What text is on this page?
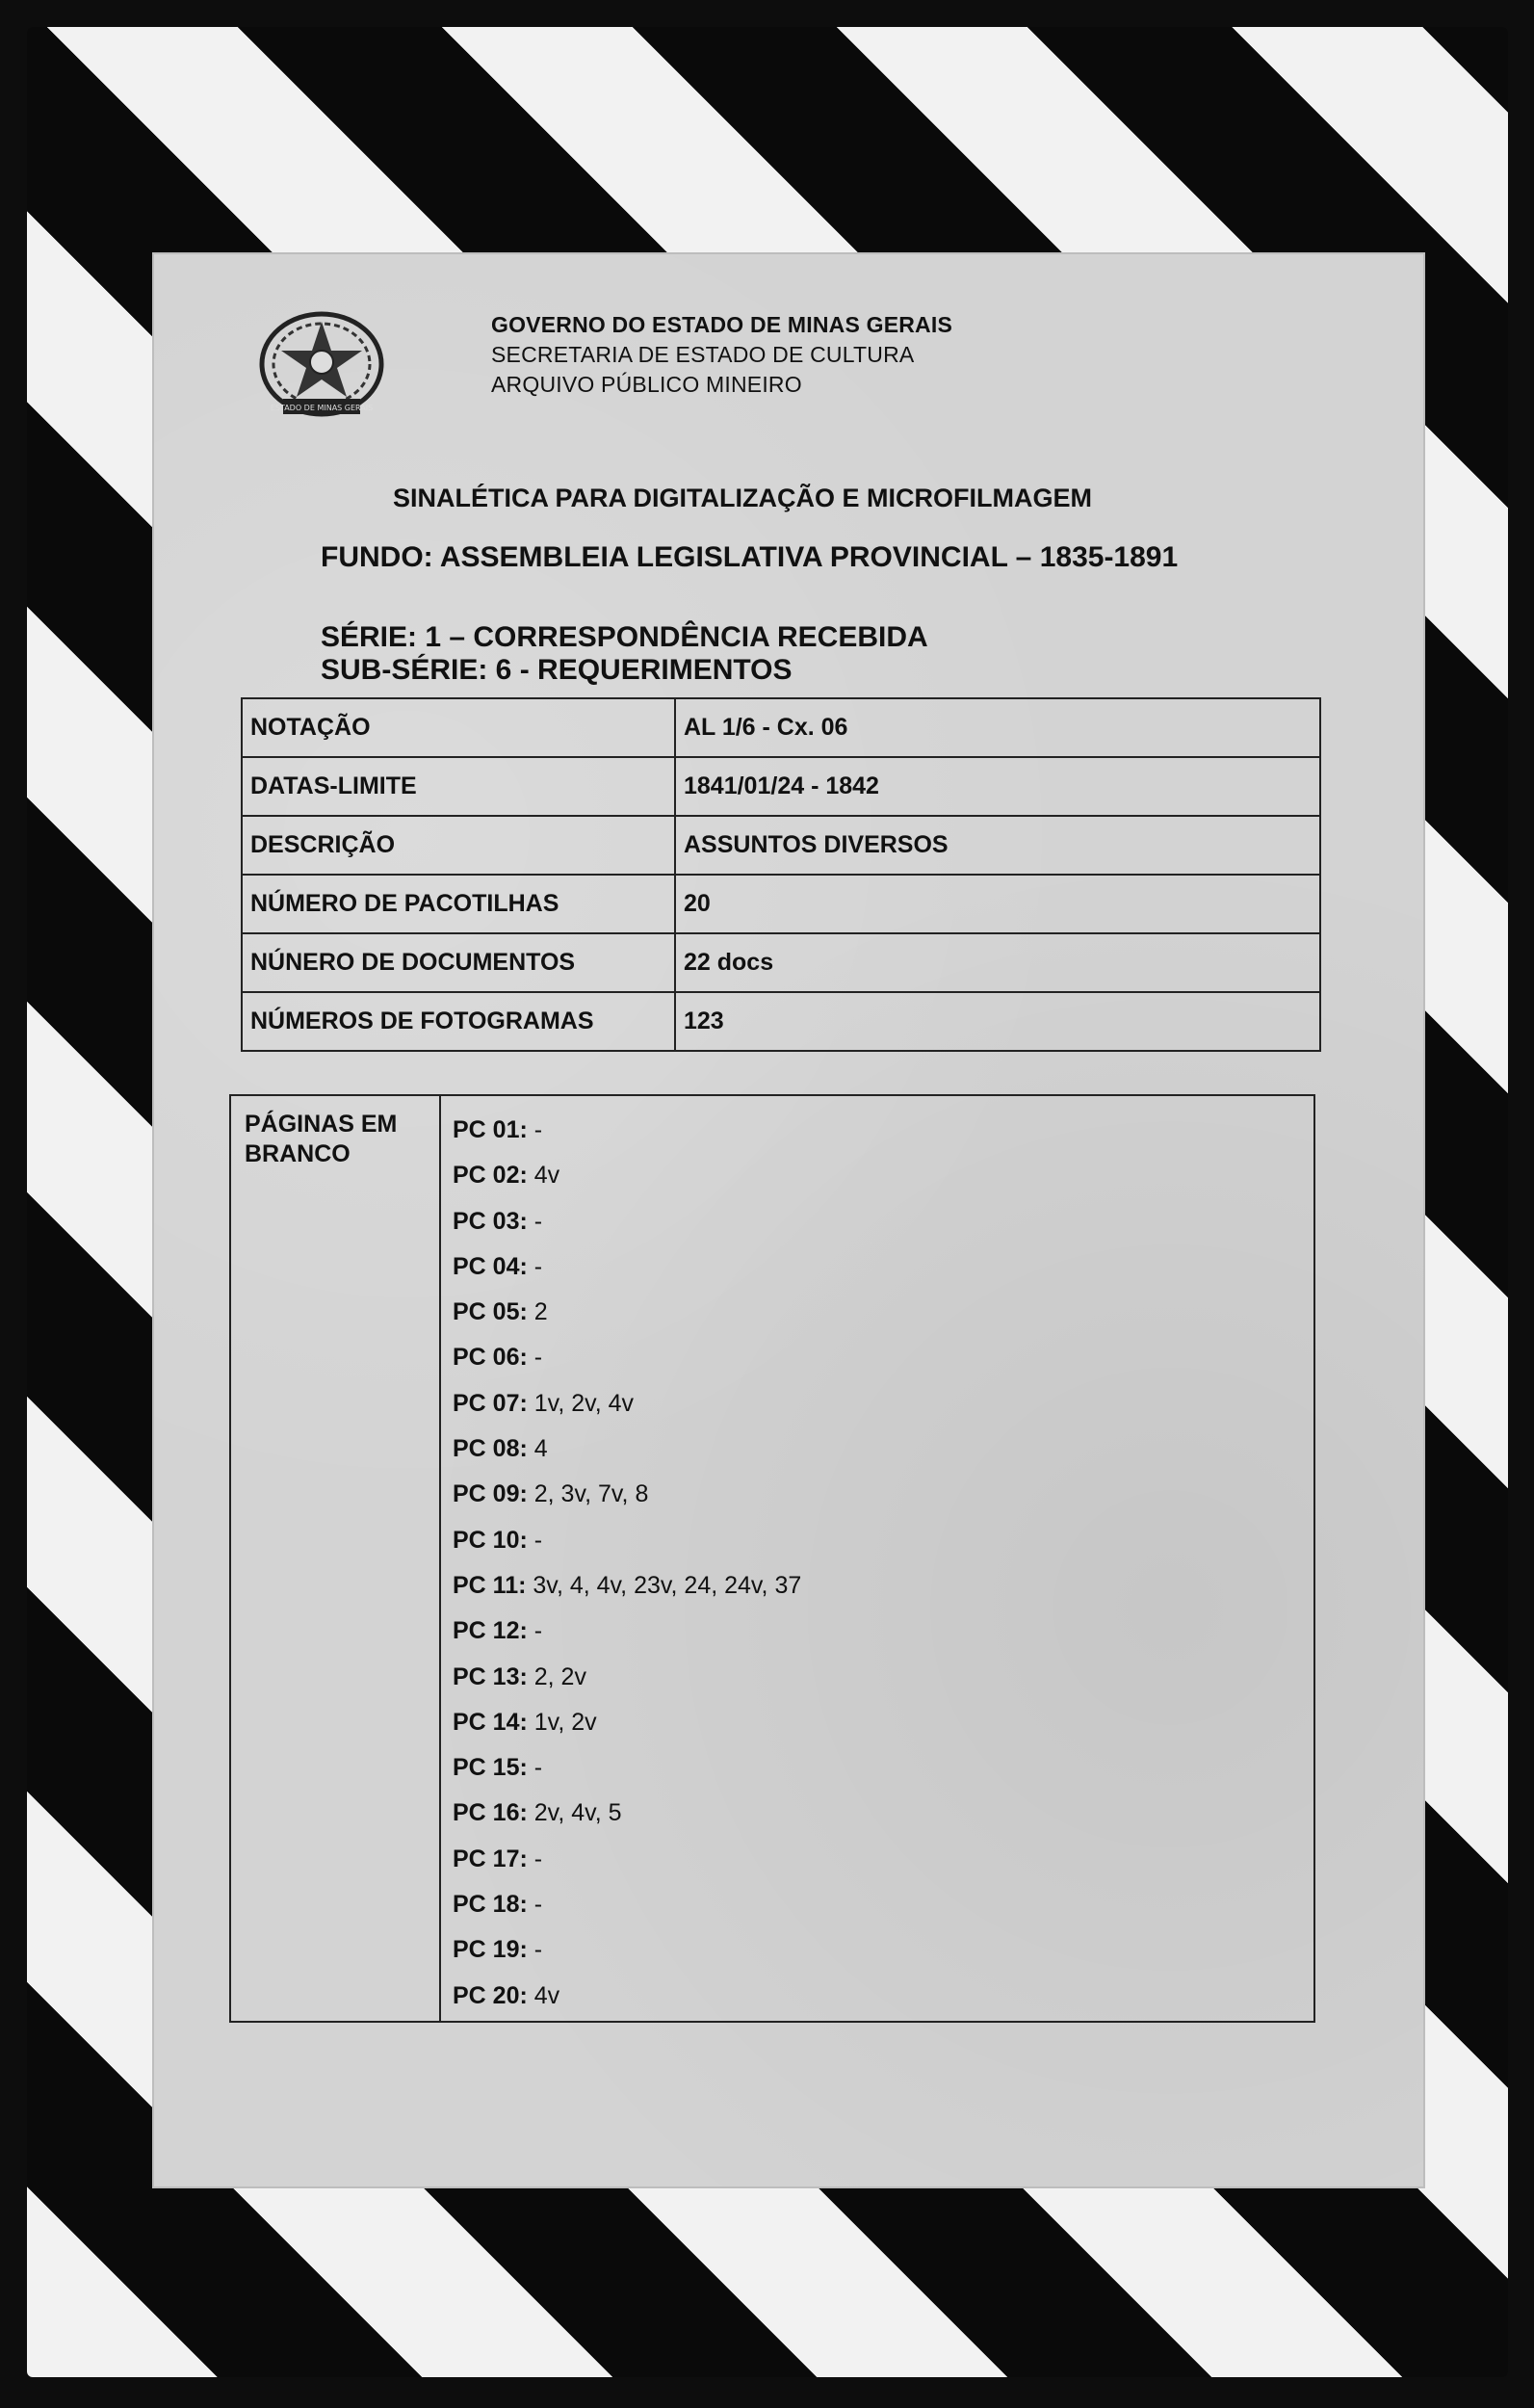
ESTADO DE MINAS GERAIS
GOVERNO DO ESTADO DE MINAS GERAIS
SECRETARIA DE ESTADO DE CULTURA
ARQUIVO PÚBLICO MINEIRO
SINALÉTICA PARA DIGITALIZAÇÃO E MICROFILMAGEM
FUNDO: ASSEMBLEIA LEGISLATIVA PROVINCIAL – 1835-1891
SÉRIE: 1 – CORRESPONDÊNCIA RECEBIDA
SUB-SÉRIE: 6 - REQUERIMENTOS
NOTAÇÃO	AL 1/6 - Cx. 06
DATAS-LIMITE	1841/01/24 - 1842
DESCRIÇÃO	ASSUNTOS DIVERSOS
NÚMERO DE PACOTILHAS	20
NÚNERO DE DOCUMENTOS	22 docs
NÚMEROS DE FOTOGRAMAS	123
PÁGINAS EM
BRANCO
PC 01: -
PC 02: 4v
PC 03: -
PC 04: -
PC 05: 2
PC 06: -
PC 07: 1v, 2v, 4v
PC 08: 4
PC 09: 2, 3v, 7v, 8
PC 10: -
PC 11: 3v, 4, 4v, 23v, 24, 24v, 37
PC 12: -
PC 13: 2, 2v
PC 14: 1v, 2v
PC 15: -
PC 16: 2v, 4v, 5
PC 17: -
PC 18: -
PC 19: -
PC 20: 4v
